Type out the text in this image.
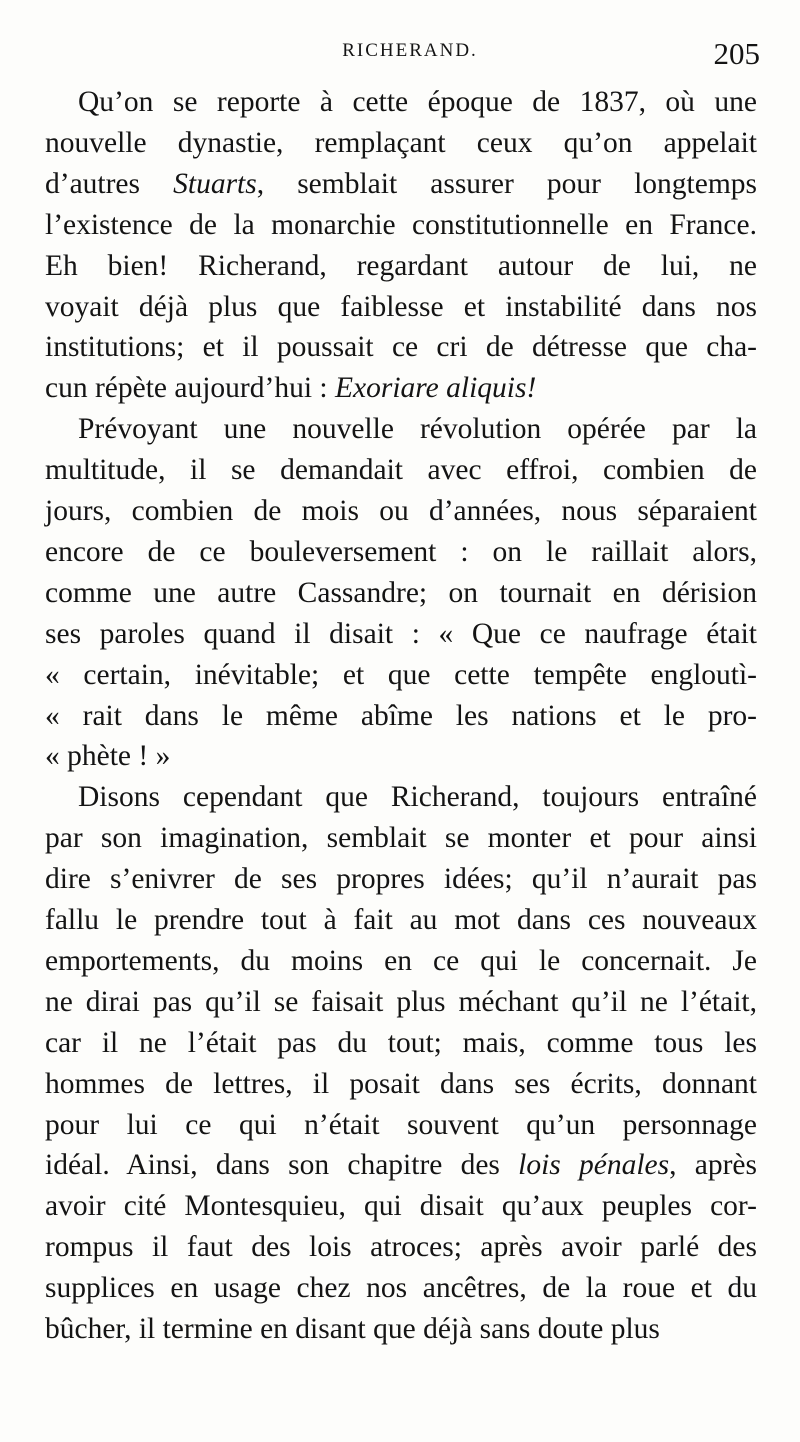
RICHERAND.	205
Qu’on se reporte à cette époque de 1837, où une
nouvelle dynastie, remplaçant ceux qu’on appelait
d’autres Stuarts, semblait assurer pour longtemps
l’existence de la monarchie constitutionnelle en France.
Eh bien! Richerand, regardant autour de lui, ne
voyait déjà plus que faiblesse et instabilité dans nos
institutions; et il poussait ce cri de détresse que cha-
cun répète aujourd’hui : Exoriare aliquis!
Prévoyant une nouvelle révolution opérée par la
multitude, il se demandait avec effroi, combien de
jours, combien de mois ou d’années, nous séparaient
encore de ce bouleversement : on le raillait alors,
comme une autre Cassandre; on tournait en dérision
ses paroles quand il disait : « Que ce naufrage était
« certain, inévitable; et que cette tempête engloutì-
« rait dans le même abîme les nations et le pro-
« phète ! »
Disons cependant que Richerand, toujours entraîné
par son imagination, semblait se monter et pour ainsi
dire s’enivrer de ses propres idées; qu’il n’aurait pas
fallu le prendre tout à fait au mot dans ces nouveaux
emportements, du moins en ce qui le concernait. Je
ne dirai pas qu’il se faisait plus méchant qu’il ne l’était,
car il ne l’était pas du tout; mais, comme tous les
hommes de lettres, il posait dans ses écrits, donnant
pour lui ce qui n’était souvent qu’un personnage
idéal. Ainsi, dans son chapitre des lois pénales, après
avoir cité Montesquieu, qui disait qu’aux peuples cor-
rompus il faut des lois atroces; après avoir parlé des
supplices en usage chez nos ancêtres, de la roue et du
bûcher, il termine en disant que déjà sans doute plus
